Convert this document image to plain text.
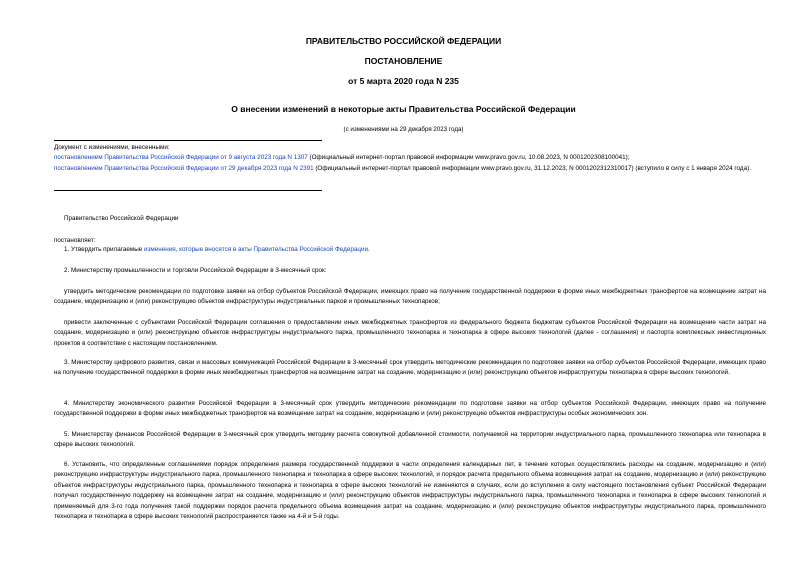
ПРАВИТЕЛЬСТВО РОССИЙСКОЙ ФЕДЕРАЦИИ

ПОСТАНОВЛЕНИЕ

от 5 марта 2020 года N 235

О внесении изменений в некоторые акты Правительства Российской Федерации

(с изменениями на 29 декабря 2023 года)

Документ с изменениями, внесенными:
постановлением Правительства Российской Федерации от 9 августа 2023 года N 1307 (Официальный интернет-портал правовой информации www.pravo.gov.ru, 10.08.2023, N 0001202308100041);
постановлением Правительства Российской Федерации от 29 декабря 2023 года N 2391 (Официальный интернет-портал правовой информации www.pravo.gov.ru, 31.12.2023, N 0001202312310017) (вступило в силу с 1 января 2024 года).

Правительство Российской Федерации

постановляет:

1. Утвердить прилагаемые изменения, которые вносятся в акты Правительства Российской Федерации.

2. Министерству промышленности и торговли Российской Федерации в 3-месячный срок:

утвердить методические рекомендации по подготовке заявки на отбор субъектов Российской Федерации, имеющих право на получение государственной поддержки в форме иных межбюджетных трансфертов на возмещение затрат на создание, модернизацию и (или) реконструкцию объектов инфраструктуры индустриальных парков и промышленных технопарков;

привести заключенные с субъектами Российской Федерации соглашения о предоставлении иных межбюджетных трансфертов из федерального бюджета бюджетам субъектов Российской Федерации на возмещение части затрат на создание, модернизацию и (или) реконструкцию объектов инфраструктуры индустриального парка, промышленного технопарка и технопарка в сфере высоких технологий (далее - соглашения) и паспорта комплексных инвестиционных проектов в соответствие с настоящим постановлением.

3. Министерству цифрового развития, связи и массовых коммуникаций Российской Федерации в 3-месячный срок утвердить методические рекомендации по подготовке заявки на отбор субъектов Российской Федерации, имеющих право на получение государственной поддержки в форме иных межбюджетных трансфертов на возмещение затрат на создание, модернизацию и (или) реконструкцию объектов инфраструктуры технопарка в сфере высоких технологий.

4. Министерству экономического развития Российской Федерации в 3-месячный срок утвердить методические рекомендации по подготовке заявки на отбор субъектов Российской Федерации, имеющих право на получение государственной поддержки в форме иных межбюджетных трансфертов на возмещение затрат на создание, модернизацию и (или) реконструкцию объектов инфраструктуры особых экономических зон.

5. Министерству финансов Российской Федерации в 3-месячный срок утвердить методику расчета совокупной добавленной стоимости, получаемой на территории индустриального парка, промышленного технопарка или технопарка в сфере высоких технологий.

6. Установить, что определенные соглашениями порядок определения размера государственной поддержки в части определения календарных лет, в течение которых осуществлялись расходы на создание, модернизацию и (или) реконструкцию инфраструктуры индустриального парка, промышленного технопарка и технопарка в сфере высоких технологий, и порядок расчета предельного объема возмещения затрат на создание, модернизацию и (или) реконструкцию объектов инфраструктуры индустриального парка, промышленного технопарка и технопарка в сфере высоких технологий не изменяются в случаях, если до вступления в силу настоящего постановления субъект Российской Федерации получал государственную поддержку на возмещение затрат на создание, модернизацию и (или) реконструкцию объектов инфраструктуры индустриального парка, промышленного технопарка и технопарка в сфере высоких технологий и применяемый для 3-го года получения такой поддержки порядок расчета предельного объема возмещения затрат на создание, модернизацию и (или) реконструкцию объектов инфраструктуры индустриального парка, промышленного технопарка и технопарка в сфере высоких технологий распространяется также на 4-й и 5-й годы.
